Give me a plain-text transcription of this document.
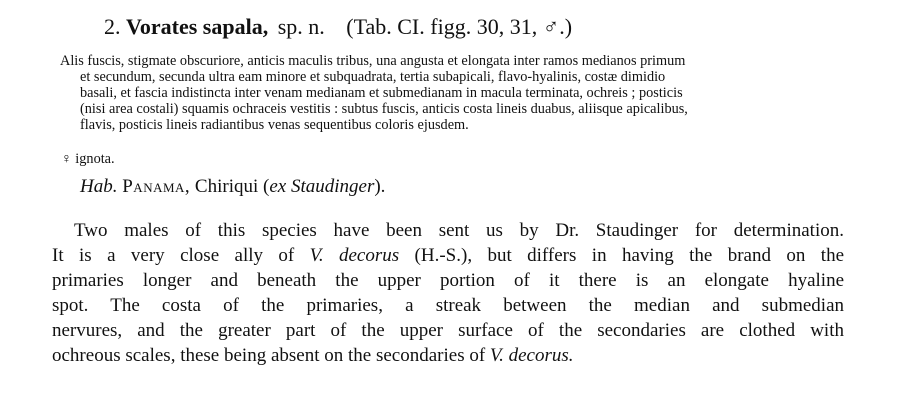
2. Vorates sapala, sp. n. (Tab. CI. figg. 30, 31, ♂.)
Alis fuscis, stigmate obscuriore, anticis maculis tribus, una angusta et elongata inter ramos medianos primum
et secundum, secunda ultra eam minore et subquadrata, tertia subapicali, flavo-hyalinis, costæ dimidio
basali, et fascia indistincta inter venam medianam et submedianam in macula terminata, ochreis ; posticis
(nisi area costali) squamis ochraceis vestitis : subtus fuscis, anticis costa lineis duabus, aliisque apicalibus,
flavis, posticis lineis radiantibus venas sequentibus coloris ejusdem.
♀ ignota.
Hab. Panama, Chiriqui (ex Staudinger).
Two males of this species have been sent us by Dr. Staudinger for determination.
It is a very close ally of V. decorus (H.-S.), but differs in having the brand on the
primaries longer and beneath the upper portion of it there is an elongate hyaline
spot. The costa of the primaries, a streak between the median and submedian
nervures, and the greater part of the upper surface of the secondaries are clothed with
ochreous scales, these being absent on the secondaries of V. decorus.
